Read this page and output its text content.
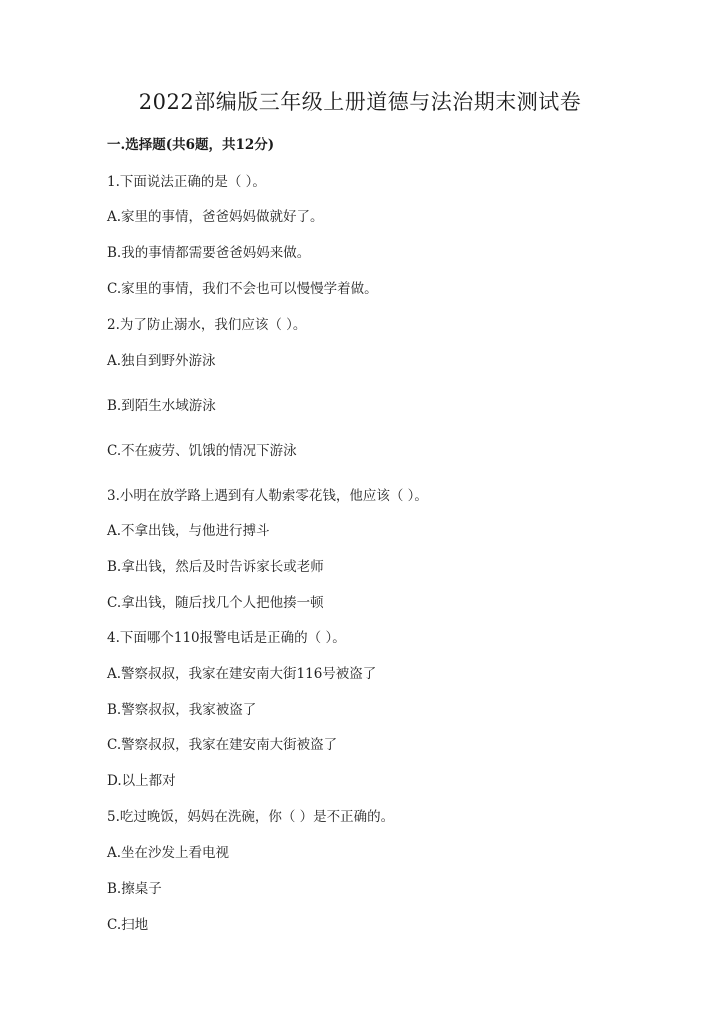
2022部编版三年级上册道德与法治期末测试卷
一.选择题(共6题，共12分)
1.下面说法正确的是（ ）。
A.家里的事情，爸爸妈妈做就好了。
B.我的事情都需要爸爸妈妈来做。
C.家里的事情，我们不会也可以慢慢学着做。
2.为了防止溺水，我们应该（ ）。
A.独自到野外游泳
B.到陌生水域游泳
C.不在疲劳、饥饿的情况下游泳
3.小明在放学路上遇到有人勒索零花钱，他应该（ ）。
A.不拿出钱，与他进行搏斗
B.拿出钱，然后及时告诉家长或老师
C.拿出钱，随后找几个人把他揍一顿
4.下面哪个110报警电话是正确的（ ）。
A.警察叔叔，我家在建安南大街116号被盗了
B.警察叔叔，我家被盗了
C.警察叔叔，我家在建安南大街被盗了
D.以上都对
5.吃过晚饭，妈妈在洗碗，你（ ）是不正确的。
A.坐在沙发上看电视
B.擦桌子
C.扫地
